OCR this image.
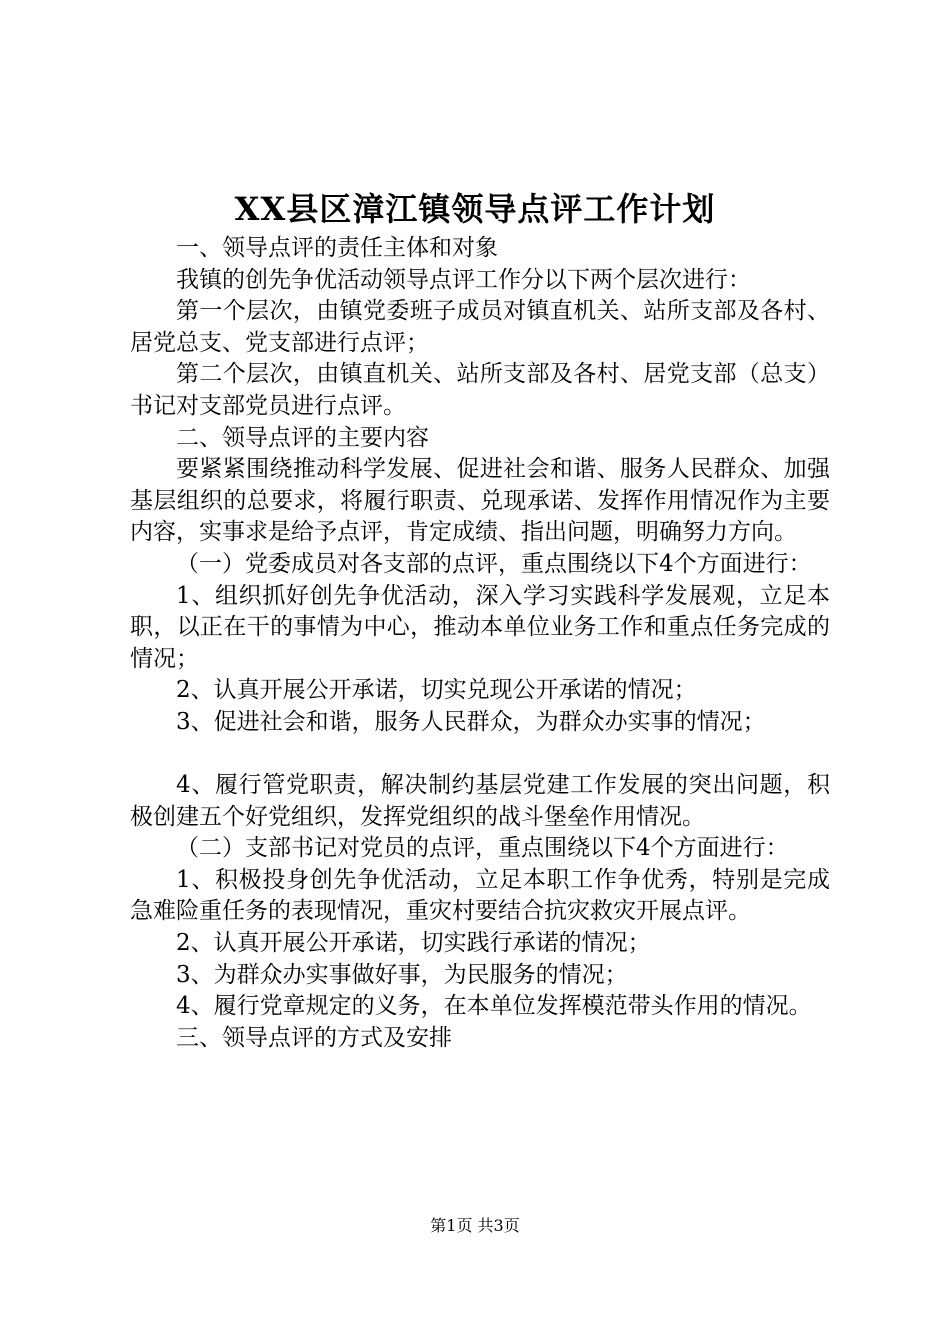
XX县区漳江镇领导点评工作计划

一、领导点评的责任主体和对象

我镇的创先争优活动领导点评工作分以下两个层次进行：

第一个层次，由镇党委班子成员对镇直机关、站所支部及各村、居党总支、党支部进行点评；

第二个层次，由镇直机关、站所支部及各村、居党支部（总支）书记对支部党员进行点评。

二、领导点评的主要内容

要紧紧围绕推动科学发展、促进社会和谐、服务人民群众、加强基层组织的总要求，将履行职责、兑现承诺、发挥作用情况作为主要内容，实事求是给予点评，肯定成绩、指出问题，明确努力方向。

（一）党委成员对各支部的点评，重点围绕以下4个方面进行：

1、组织抓好创先争优活动，深入学习实践科学发展观，立足本职，以正在干的事情为中心，推动本单位业务工作和重点任务完成的情况；

2、认真开展公开承诺，切实兑现公开承诺的情况；

3、促进社会和谐，服务人民群众，为群众办实事的情况；

4、履行管党职责，解决制约基层党建工作发展的突出问题，积极创建五个好党组织，发挥党组织的战斗堡垒作用情况。

（二）支部书记对党员的点评，重点围绕以下4个方面进行：

1、积极投身创先争优活动，立足本职工作争优秀，特别是完成急难险重任务的表现情况，重灾村要结合抗灾救灾开展点评。

2、认真开展公开承诺，切实践行承诺的情况；

3、为群众办实事做好事，为民服务的情况；

4、履行党章规定的义务，在本单位发挥模范带头作用的情况。

三、领导点评的方式及安排

第1页 共3页
